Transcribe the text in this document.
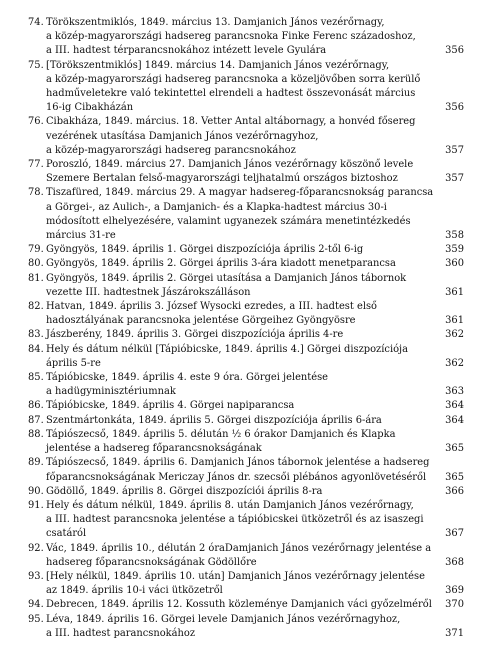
74. Törökszentmiklós, 1849. március 13. Damjanich János vezérőrnagy,
a közép-magyarországi hadsereg parancsnoka Finke Ferenc századoshoz,
a III. hadtest térparancsnokához intézett levele Gyulára	356
75. [Törökszentmiklós] 1849. március 14. Damjanich János vezérőrnagy,
a közép-magyarországi hadsereg parancsnoka a közeljövőben sorra kerülő
hadműveletekre való tekintettel elrendeli a hadtest összevonását március
16-ig Cibakházán	356
76. Cibakháza, 1849. március. 18. Vetter Antal altábornagy, a honvéd fősereg
vezérének utasítása Damjanich János vezérőrnagyhoz,
a közép-magyarországi hadsereg parancsnokához	357
77. Poroszló, 1849. március 27. Damjanich János vezérőrnagy köszönő levele
Szemere Bertalan felső-magyarországi teljhatalmú országos biztoshoz	357
78. Tiszafüred, 1849. március 29. A magyar hadsereg-főparancsnokság parancsa
a Görgei-, az Aulich-, a Damjanich- és a Klapka-hadtest március 30-i
módosított elhelyezésére, valamint ugyanezek számára menetintézkedés
március 31-re	358
79. Gyöngyös, 1849. április 1. Görgei diszpozíciója április 2-től 6-ig	359
80. Gyöngyös, 1849. április 2. Görgei április 3-ára kiadott menetparancsa	360
81. Gyöngyös, 1849. április 2. Görgei utasítása a Damjanich János tábornok
vezette III. hadtestnek Jászárokszálláson	361
82. Hatvan, 1849. április 3. József Wysocki ezredes, a III. hadtest első
hadosztályának parancsnoka jelentése Görgeihez Gyöngyösre	361
83. Jászberény, 1849. április 3. Görgei diszpozíciója április 4-re	362
84. Hely és dátum nélkül [Tápióbicske, 1849. április 4.] Görgei diszpozíciója
április 5-re	362
85. Tápióbicske, 1849. április 4. este 9 óra. Görgei jelentése
a hadügyminisztériumnak	363
86. Tápióbicske, 1849. április 4. Görgei napiparancsa	364
87. Szentmártonkáta, 1849. április 5. Görgei diszpozíciója április 6-ára	364
88. Tápiószecső, 1849. április 5. délután ½ 6 órakor Damjanich és Klapka
jelentése a hadsereg főparancsnokságának	365
89. Tápiószecső, 1849. április 6. Damjanich János tábornok jelentése a hadsereg
főparancsnokságának Mericzay János dr. szecsői plébános agyonlövetéséről	365
90. Gödöllő, 1849. április 8. Görgei diszpozíciói április 8-ra	366
91. Hely és dátum nélkül, 1849. április 8. után Damjanich János vezérőrnagy,
a III. hadtest parancsnoka jelentése a tápióbicskei ütközetről és az isaszegi
csatáról	367
92. Vác, 1849. április 10., délután 2 óraDamjanich János vezérőrnagy jelentése a
hadsereg főparancsnokságának Gödöllőre	368
93. [Hely nélkül, 1849. április 10. után] Damjanich János vezérőrnagy jelentése
az 1849. április 10-i váci ütközetről	369
94. Debrecen, 1849. április 12. Kossuth közleménye Damjanich váci győzelméről	370
95. Léva, 1849. április 16. Görgei levele Damjanich János vezérőrnagyhoz,
a III. hadtest parancsnokához	371
